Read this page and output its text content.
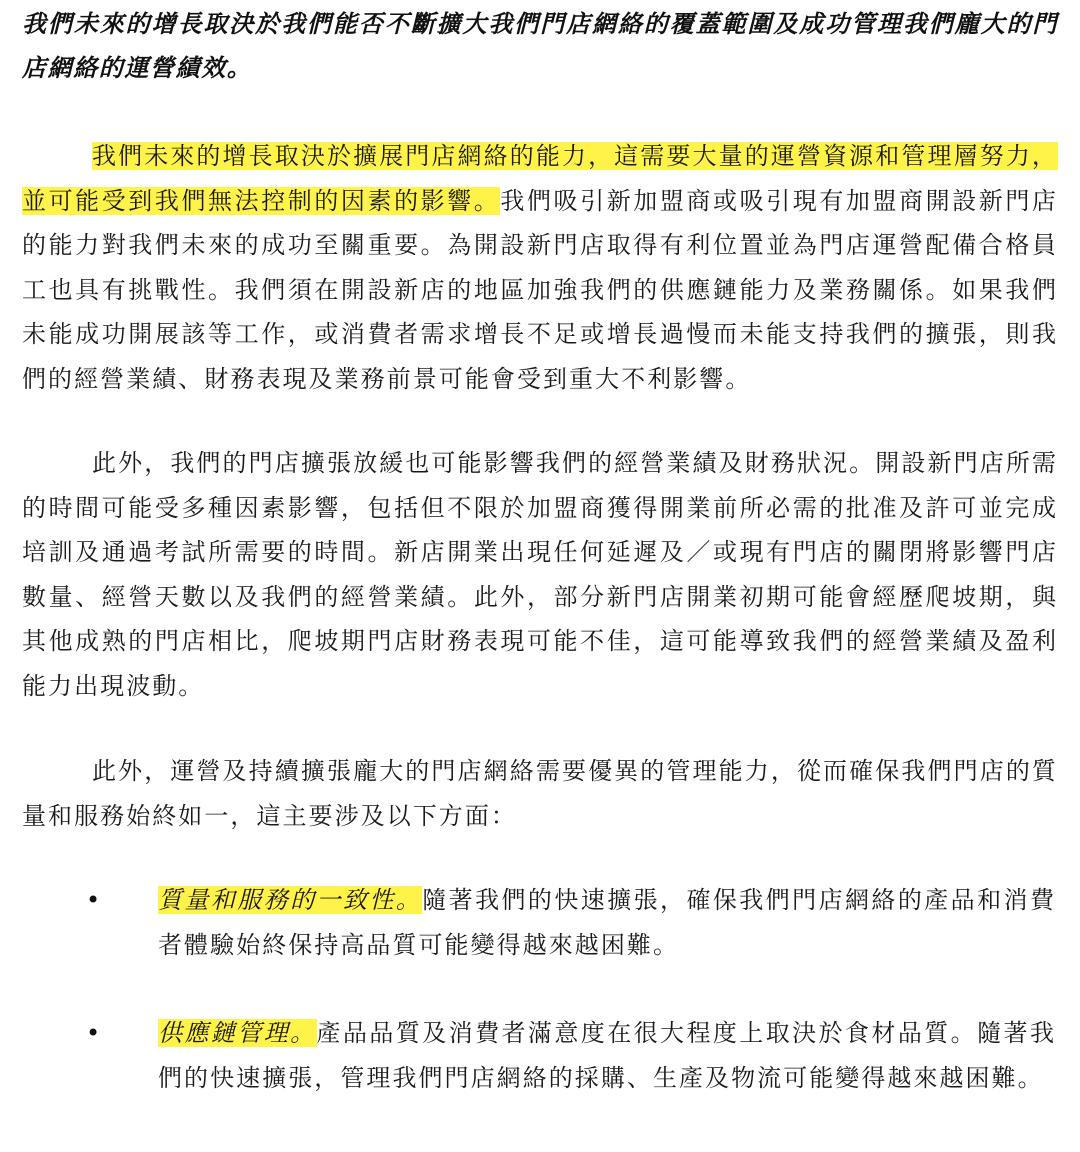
我們未來的增長取決於我們能否不斷擴大我們門店網絡的覆蓋範圍及成功管理我們龐大的門店網絡的運營績效。
我們未來的增長取決於擴展門店網絡的能力，這需要大量的運營資源和管理層努力，並可能受到我們無法控制的因素的影響。我們吸引新加盟商或吸引現有加盟商開設新門店的能力對我們未來的成功至關重要。為開設新門店取得有利位置並為門店運營配備合格員工也具有挑戰性。我們須在開設新店的地區加強我們的供應鏈能力及業務關係。如果我們未能成功開展該等工作，或消費者需求增長不足或增長過慢而未能支持我們的擴張，則我們的經營業績、財務表現及業務前景可能會受到重大不利影響。
此外，我們的門店擴張放緩也可能影響我們的經營業績及財務狀況。開設新門店所需的時間可能受多種因素影響，包括但不限於加盟商獲得開業前所必需的批准及許可並完成培訓及通過考試所需要的時間。新店開業出現任何延遲及／或現有門店的關閉將影響門店數量、經營天數以及我們的經營業績。此外，部分新門店開業初期可能會經歷爬坡期，與其他成熟的門店相比，爬坡期門店財務表現可能不佳，這可能導致我們的經營業績及盈利能力出現波動。
此外，運營及持續擴張龐大的門店網絡需要優異的管理能力，從而確保我們門店的質量和服務始終如一，這主要涉及以下方面：
• 質量和服務的一致性。隨著我們的快速擴張，確保我們門店網絡的產品和消費者體驗始終保持高品質可能變得越來越困難。
• 供應鏈管理。產品品質及消費者滿意度在很大程度上取決於食材品質。隨著我們的快速擴張，管理我們門店網絡的採購、生產及物流可能變得越來越困難。
